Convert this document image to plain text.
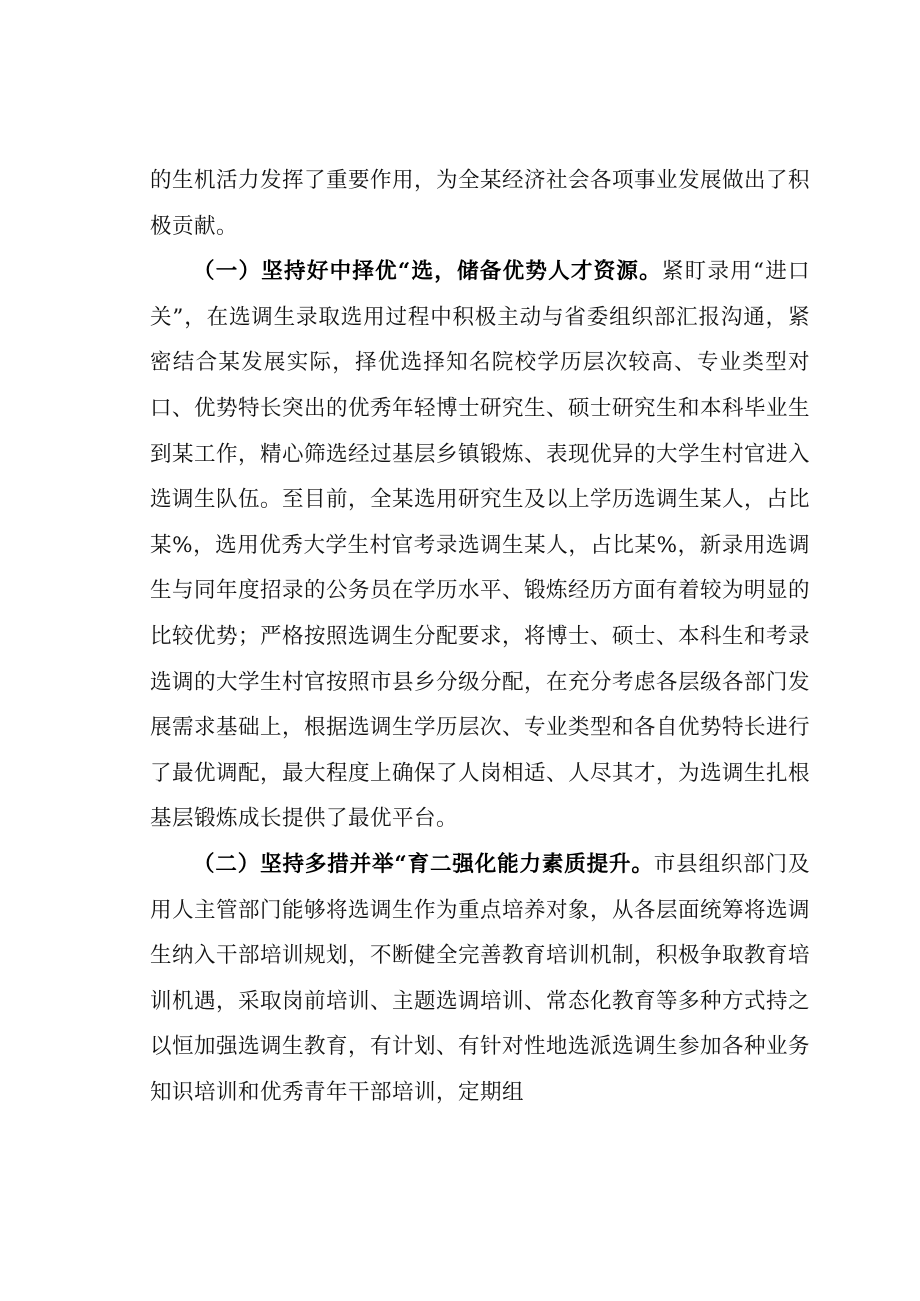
的生机活力发挥了重要作用，为全某经济社会各项事业发展做出了积极贡献。

（一）坚持好中择优“选，储备优势人才资源。紧盯录用“进口关”，在选调生录取选用过程中积极主动与省委组织部汇报沟通，紧密结合某发展实际，择优选择知名院校学历层次较高、专业类型对口、优势特长突出的优秀年轻博士研究生、硕士研究生和本科毕业生到某工作，精心筛选经过基层乡镇锻炼、表现优异的大学生村官进入选调生队伍。至目前，全某选用研究生及以上学历选调生某人，占比某%，选用优秀大学生村官考录选调生某人，占比某%，新录用选调生与同年度招录的公务员在学历水平、锻炼经历方面有着较为明显的比较优势；严格按照选调生分配要求，将博士、硕士、本科生和考录选调的大学生村官按照市县乡分级分配，在充分考虑各层级各部门发展需求基础上，根据选调生学历层次、专业类型和各自优势特长进行了最优调配，最大程度上确保了人岗相适、人尽其才，为选调生扎根基层锻炼成长提供了最优平台。

（二）坚持多措并举“育二强化能力素质提升。市县组织部门及用人主管部门能够将选调生作为重点培养对象，从各层面统筹将选调生纳入干部培训规划，不断健全完善教育培训机制，积极争取教育培训机遇，采取岗前培训、主题选调培训、常态化教育等多种方式持之以恒加强选调生教育，有计划、有针对性地选派选调生参加各种业务知识培训和优秀青年干部培训，定期组
